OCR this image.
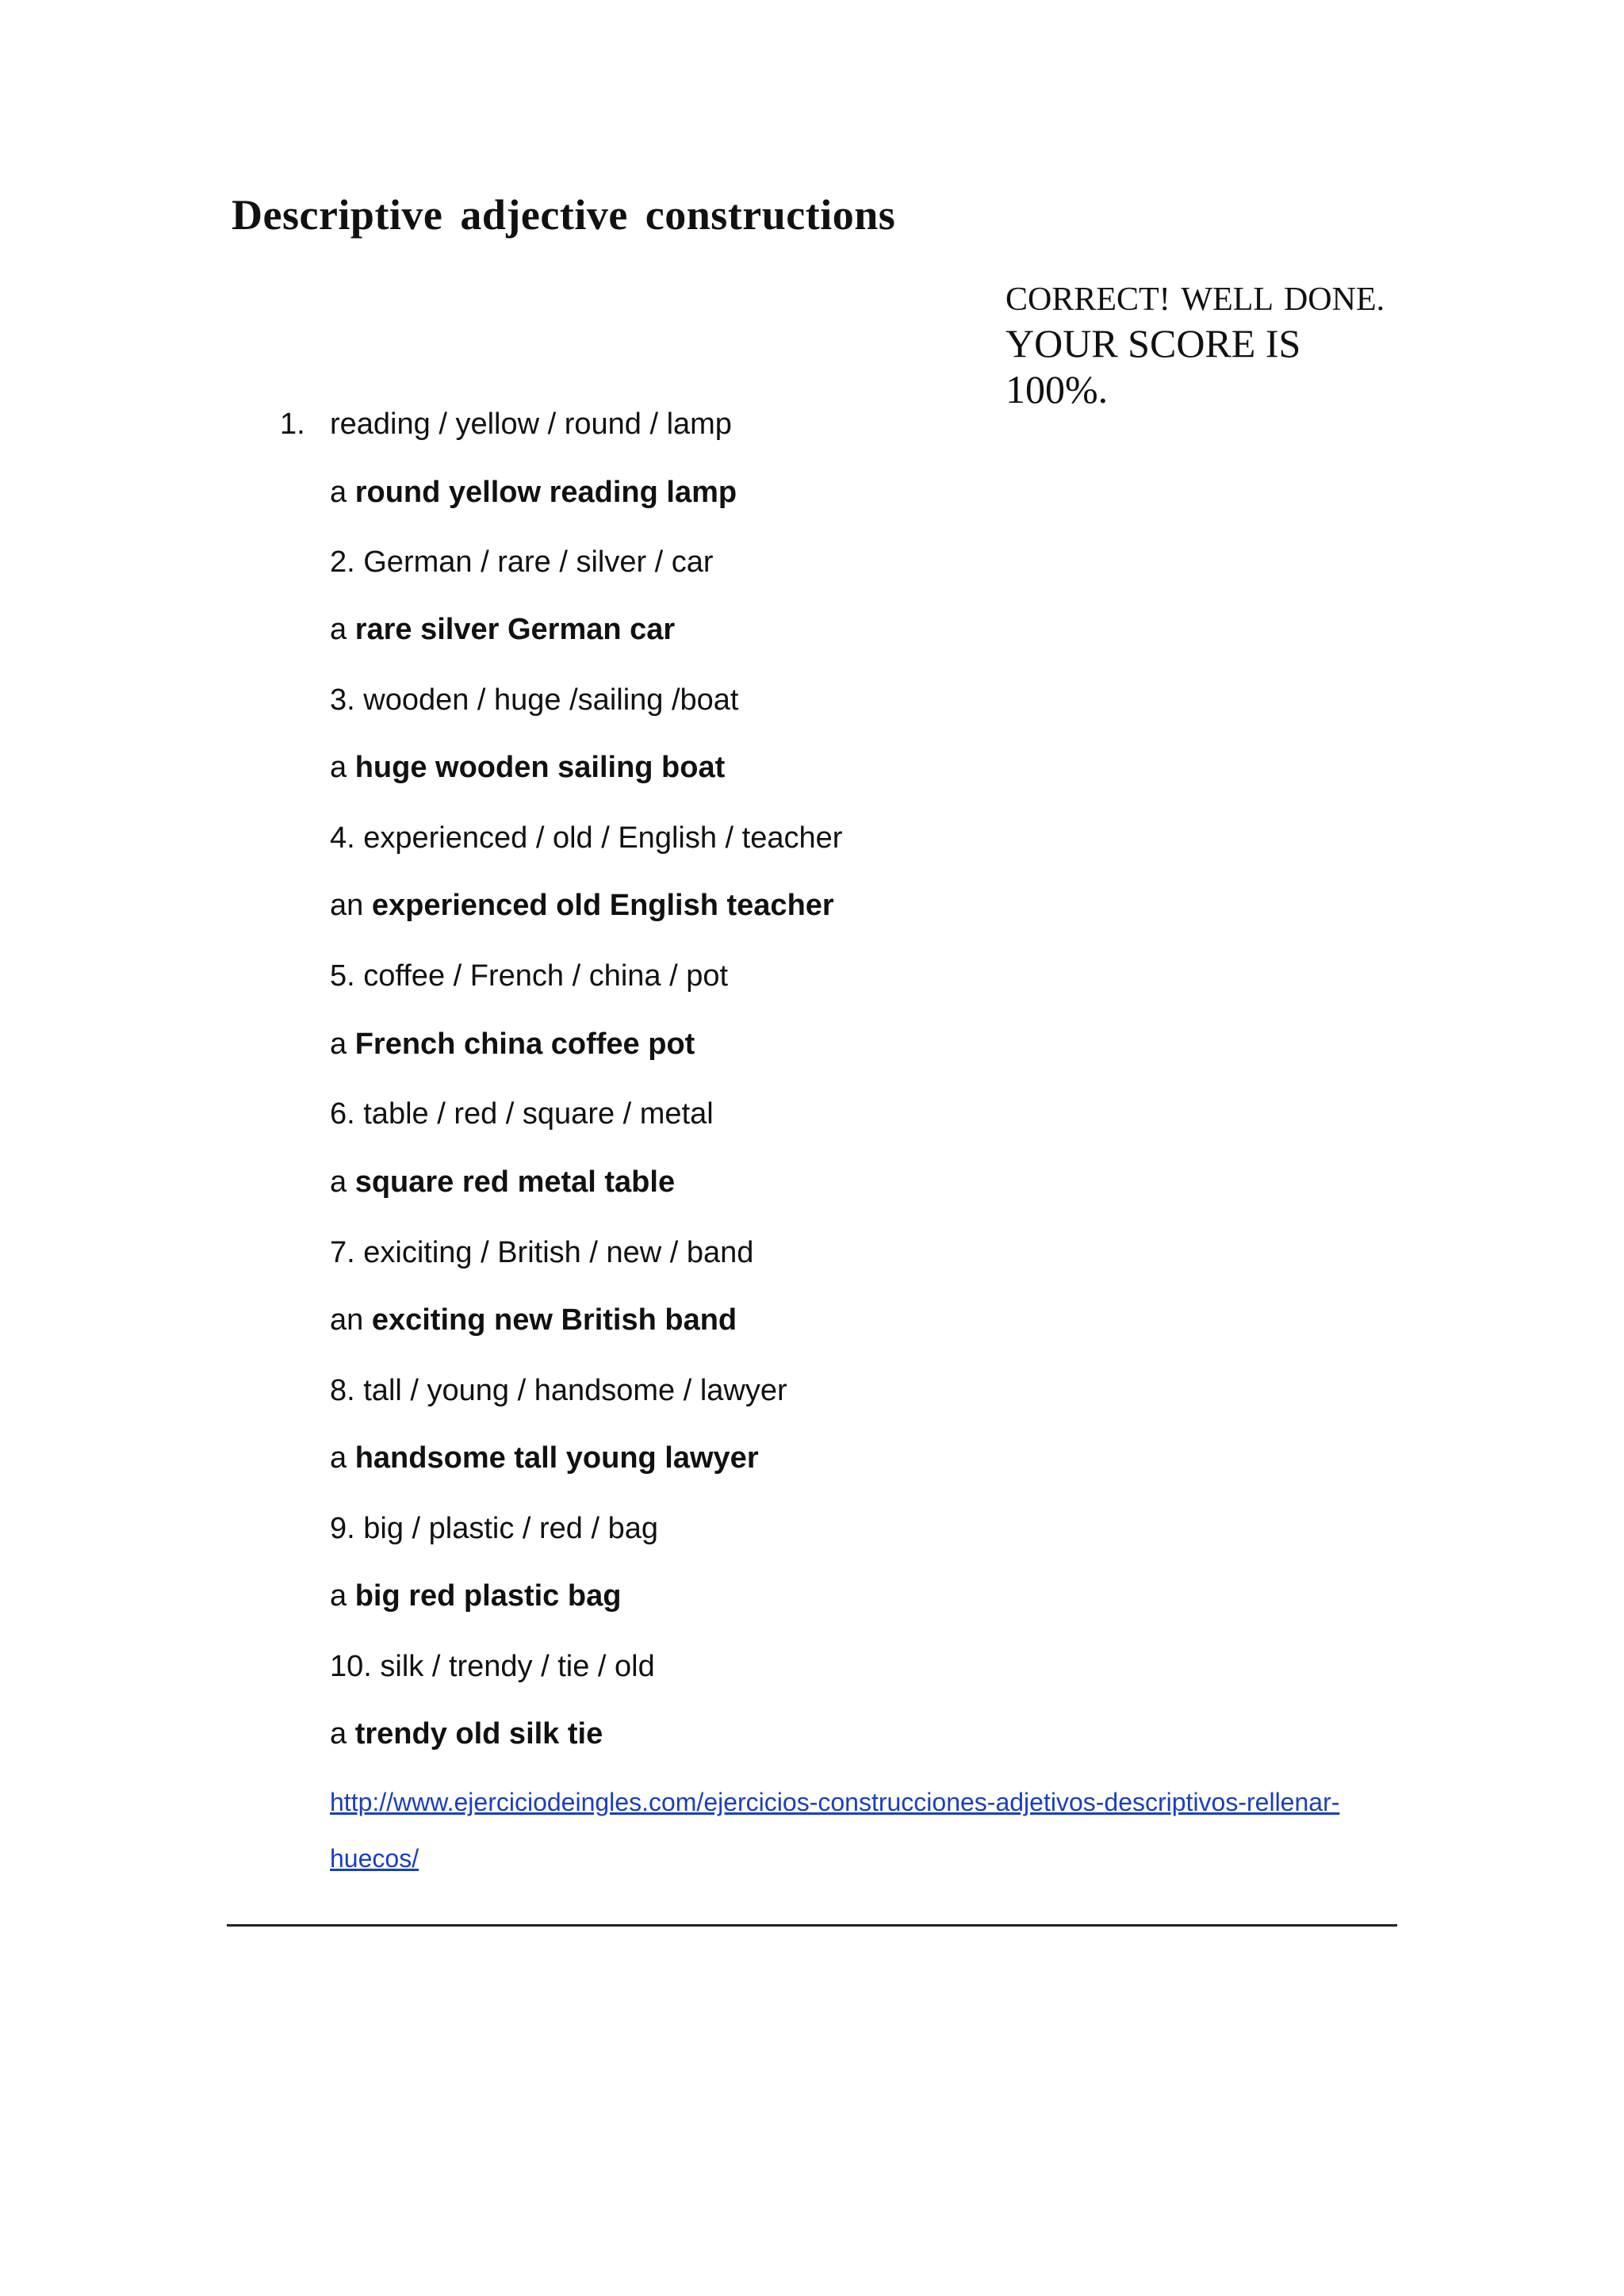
Descriptive adjective constructions
CORRECT! WELL DONE.
YOUR SCORE IS
100%.
1. reading / yellow / round / lamp
a round yellow reading lamp
2. German / rare / silver / car
a rare silver German car
3. wooden / huge /sailing /boat
a huge wooden sailing boat
4. experienced / old / English / teacher
an experienced old English teacher
5. coffee / French / china / pot
a French china coffee pot
6. table / red / square / metal
a square red metal table
7. exiciting / British / new / band
an exciting new British band
8. tall / young / handsome / lawyer
a handsome tall young lawyer
9. big / plastic / red / bag
a big red plastic bag
10. silk / trendy / tie / old
a trendy old silk tie
http://www.ejerciciodeingles.com/ejercicios-construcciones-adjetivos-descriptivos-rellenar-
huecos/
